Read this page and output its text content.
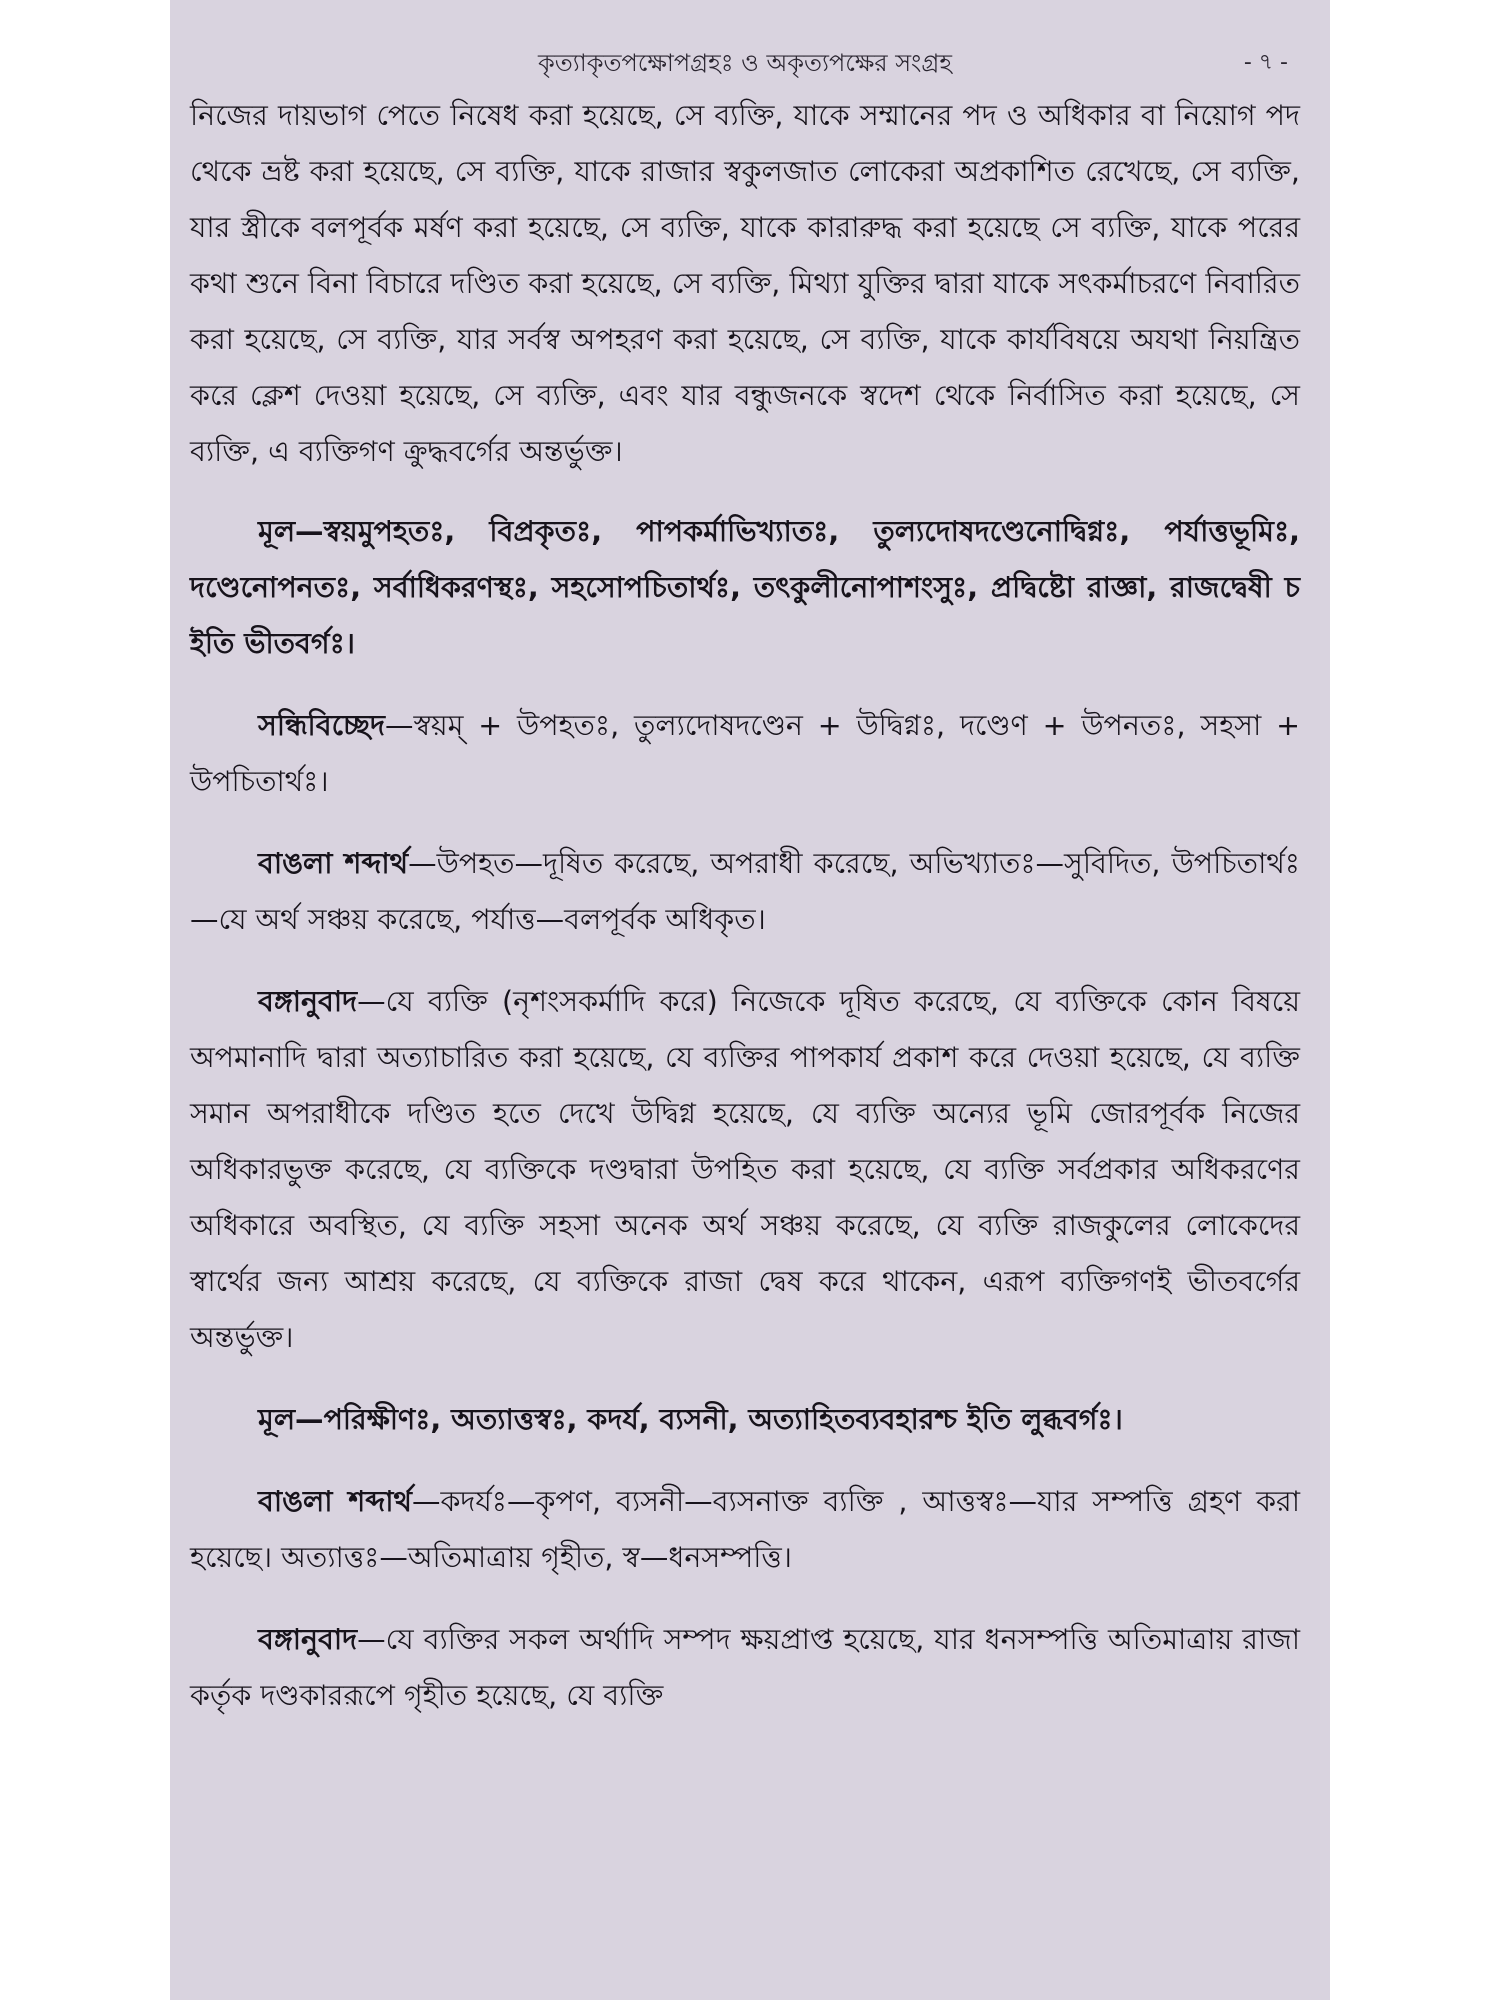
কৃত্যাকৃতপক্ষোপগ্রহঃ ও অকৃত্যপক্ষের সংগ্রহ	- ৭ -

নিজের দায়ভাগ পেতে নিষেধ করা হয়েছে, সে ব্যক্তি, যাকে সম্মানের পদ ও অধিকার বা নিয়োগ পদ থেকে ভ্রষ্ট করা হয়েছে, সে ব্যক্তি, যাকে রাজার স্বকুলজাত লোকেরা অপ্রকাশিত রেখেছে, সে ব্যক্তি, যার স্ত্রীকে বলপূর্বক মর্ষণ করা হয়েছে, সে ব্যক্তি, যাকে কারারুদ্ধ করা হয়েছে সে ব্যক্তি, যাকে পরের কথা শুনে বিনা বিচারে দণ্ডিত করা হয়েছে, সে ব্যক্তি, মিথ্যা যুক্তির দ্বারা যাকে সৎকর্মাচরণে নিবারিত করা হয়েছে, সে ব্যক্তি, যার সর্বস্ব অপহরণ করা হয়েছে, সে ব্যক্তি, যাকে কার্যবিষয়ে অযথা নিয়ন্ত্রিত করে ক্লেশ দেওয়া হয়েছে, সে ব্যক্তি, এবং যার বন্ধুজনকে স্বদেশ থেকে নির্বাসিত করা হয়েছে, সে ব্যক্তি, এ ব্যক্তিগণ ক্রুদ্ধবর্গের অন্তর্ভুক্ত।

মূল—স্বয়মুপহতঃ, বিপ্রকৃতঃ, পাপকর্মাভিখ্যাতঃ, তুল্যদোষদণ্ডেনোদ্বিগ্নঃ, পর্যাত্তভূমিঃ, দণ্ডেনোপনতঃ, সর্বাধিকরণস্থঃ, সহসোপচিতার্থঃ, তৎকুলীনোপাশংসুঃ, প্রদ্বিষ্টো রাজ্ঞা, রাজদ্বেষী চ ইতি ভীতবর্গঃ।

সন্ধিবিচ্ছেদ—স্বয়ম্ + উপহতঃ, তুল্যদোষদণ্ডেন + উদ্বিগ্নঃ, দণ্ডেণ + উপনতঃ, সহসা + উপচিতার্থঃ।

বাঙলা শব্দার্থ—উপহত—দূষিত করেছে, অপরাধী করেছে, অভিখ্যাতঃ—সুবিদিত, উপচিতার্থঃ—যে অর্থ সঞ্চয় করেছে, পর্যাত্ত—বলপূর্বক অধিকৃত।

বঙ্গানুবাদ—যে ব্যক্তি (নৃশংসকর্মাদি করে) নিজেকে দূষিত করেছে, যে ব্যক্তিকে কোন বিষয়ে অপমানাদি দ্বারা অত্যাচারিত করা হয়েছে, যে ব্যক্তির পাপকার্য প্রকাশ করে দেওয়া হয়েছে, যে ব্যক্তি সমান অপরাধীকে দণ্ডিত হতে দেখে উদ্বিগ্ন হয়েছে, যে ব্যক্তি অন্যের ভূমি জোরপূর্বক নিজের অধিকারভুক্ত করেছে, যে ব্যক্তিকে দণ্ডদ্বারা উপহিত করা হয়েছে, যে ব্যক্তি সর্বপ্রকার অধিকরণের অধিকারে অবস্থিত, যে ব্যক্তি সহসা অনেক অর্থ সঞ্চয় করেছে, যে ব্যক্তি রাজকুলের লোকেদের স্বার্থের জন্য আশ্রয় করেছে, যে ব্যক্তিকে রাজা দ্বেষ করে থাকেন, এরূপ ব্যক্তিগণই ভীতবর্গের অন্তর্ভুক্ত।

মূল—পরিক্ষীণঃ, অত্যাত্তস্বঃ, কদর্য, ব্যসনী, অত্যাহিতব্যবহারশ্চ ইতি লুব্ধবর্গঃ।

বাঙলা শব্দার্থ—কদর্যঃ—কৃপণ, ব্যসনী—ব্যসনাক্ত ব্যক্তি , আত্তস্বঃ—যার সম্পত্তি গ্রহণ করা হয়েছে। অত্যাত্তঃ—অতিমাত্রায় গৃহীত, স্ব—ধনসম্পত্তি।

বঙ্গানুবাদ—যে ব্যক্তির সকল অর্থাদি সম্পদ ক্ষয়প্রাপ্ত হয়েছে, যার ধনসম্পত্তি অতিমাত্রায় রাজা কর্তৃক দণ্ডকাররূপে গৃহীত হয়েছে, যে ব্যক্তি
